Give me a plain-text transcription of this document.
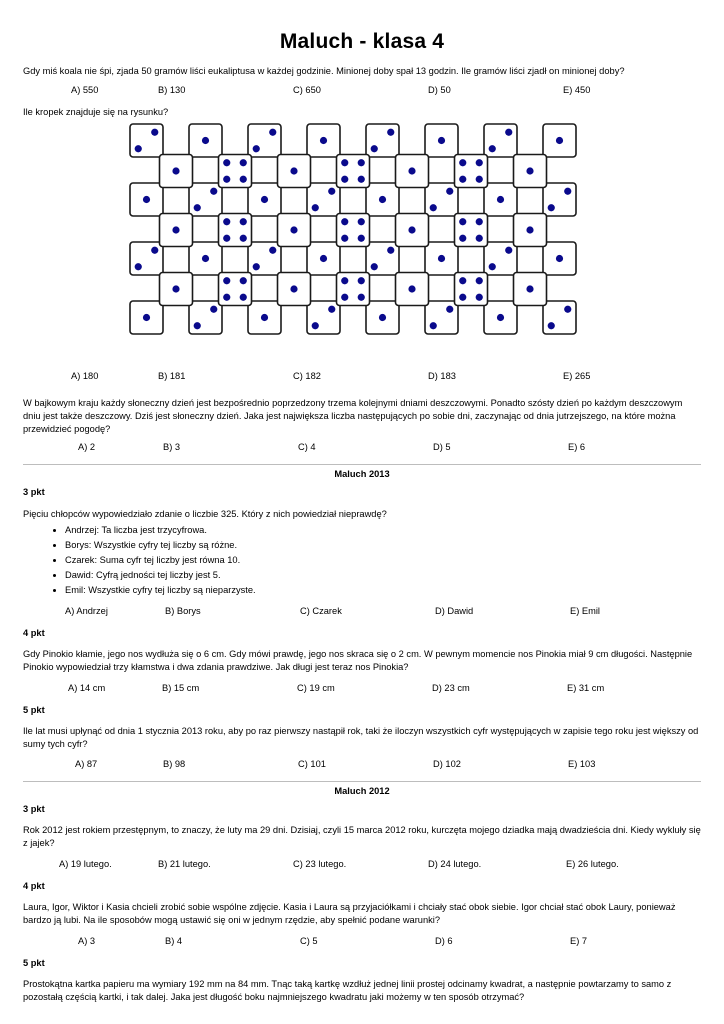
Maluch - klasa 4

Gdy miś koala nie śpi, zjada 50 gramów liści eukaliptusa w każdej godzinie. Minionej doby spał 13 godzin. Ile gramów liści zjadł on minionej doby?

A) 550	B) 130	C) 650	D) 50	E) 450

Ile kropek znajduje się na rysunku?

A) 180	B) 181	C) 182	D) 183	E) 265

W bajkowym kraju każdy słoneczny dzień jest bezpośrednio poprzedzony trzema kolejnymi dniami deszczowymi. Ponadto szósty dzień po każdym deszczowym dniu jest także deszczowy. Dziś jest słoneczny dzień. Jaka jest największa liczba następujących po sobie dni, zaczynając od dnia jutrzejszego, na które można przewidzieć pogodę?

A) 2	B) 3	C) 4	D) 5	E) 6
Maluch 2013
3 pkt

Pięciu chłopców wypowiedziało zdanie o liczbie 325. Który z nich powiedział nieprawdę?

• Andrzej: Ta liczba jest trzycyfrowa.
• Borys: Wszystkie cyfry tej liczby są różne.
• Czarek: Suma cyfr tej liczby jest równa 10.
• Dawid: Cyfrą jedności tej liczby jest 5.
• Emil: Wszystkie cyfry tej liczby są nieparzyste.
A) Andrzej	B) Borys	C) Czarek	D) Dawid	E) Emil
4 pkt

Gdy Pinokio kłamie, jego nos wydłuża się o 6 cm. Gdy mówi prawdę, jego nos skraca się o 2 cm. W pewnym momencie nos Pinokia miał 9 cm długości. Następnie Pinokio wypowiedział trzy kłamstwa i dwa zdania prawdziwe. Jak długi jest teraz nos Pinokia?

A) 14 cm	B) 15 cm	C) 19 cm	D) 23 cm	E) 31 cm
5 pkt

Ile lat musi upłynąć od dnia 1 stycznia 2013 roku, aby po raz pierwszy nastąpił rok, taki że iloczyn wszystkich cyfr występujących w zapisie tego roku jest większy od sumy tych cyfr?

A) 87	B) 98	C) 101	D) 102	E) 103
Maluch 2012
3 pkt

Rok 2012 jest rokiem przestępnym, to znaczy, że luty ma 29 dni. Dzisiaj, czyli 15 marca 2012 roku, kurczęta mojego dziadka mają dwadzieścia dni. Kiedy wykluły się z jajek?

A) 19 lutego.	B) 21 lutego.	C) 23 lutego.	D) 24 lutego.	E) 26 lutego.
4 pkt

Laura, Igor, Wiktor i Kasia chcieli zrobić sobie wspólne zdjęcie. Kasia i Laura są przyjaciółkami i chciały stać obok siebie. Igor chciał stać obok Laury, ponieważ bardzo ją lubi. Na ile sposobów mogą ustawić się oni w jednym rzędzie, aby spełnić podane warunki?

A) 3	B) 4	C) 5	D) 6	E) 7
5 pkt

Prostokątna kartka papieru ma wymiary 192 mm na 84 mm. Tnąc taką kartkę wzdłuż jednej linii prostej odcinamy kwadrat, a następnie powtarzamy to samo z pozostałą częścią kartki, i tak dalej. Jaka jest długość boku najmniejszego kwadratu jaki możemy w ten sposób otrzymać?
